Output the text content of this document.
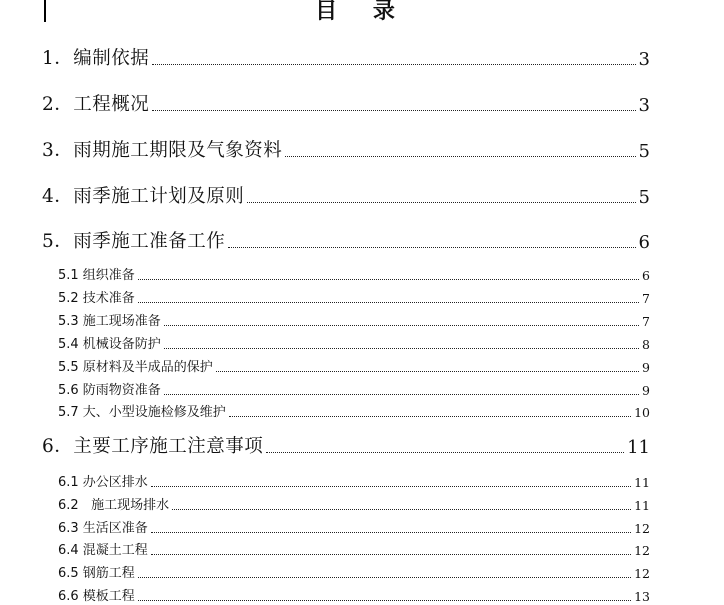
目 录
1．编制依据	3
2．工程概况	3
3．雨期施工期限及气象资料	5
4．雨季施工计划及原则	5
5．雨季施工准备工作	6
5.1 组织准备	6
5.2 技术准备	7
5.3 施工现场准备	7
5.4 机械设备防护	8
5.5 原材料及半成品的保护	9
5.6 防雨物资准备	9
5.7 大、小型设施检修及维护	10
6．主要工序施工注意事项	11
6.1 办公区排水	11
6.2   施工现场排水	11
6.3 生活区准备	12
6.4 混凝土工程	12
6.5 钢筋工程	12
6.6 模板工程	13
